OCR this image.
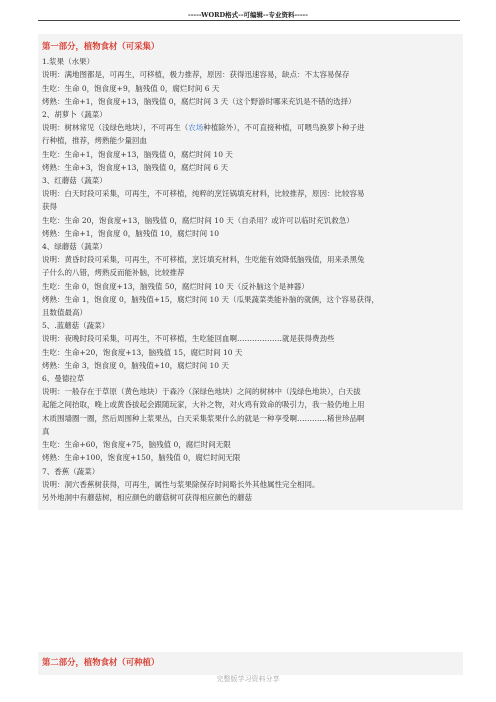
-----WORD格式--可编辑--专业资料-----

第一部分，植物食材（可采集）

1.浆果（水果）

说明：满地图都是，可再生，可移植，极力推荐，原因：获得迅速容易，缺点：不太容易保存

生吃：生命 0，饱食度+9，脑残值 0，腐烂时间 6 天

烤熟：生命+1，饱食度+13，脑残值 0，腐烂时间 3 天（这个野游时哪来充饥是不错的选择）

2、胡萝卜（蔬菜）

说明：树林常见（浅绿色地块），不可再生（农场种植除外），不可直接种植，可喂鸟换萝卜种子进

行种植，推荐，烤熟能少量回血

生吃：生命+1，饱食度+13，脑残值 0，腐烂时间 10 天

烤熟：生命+3，饱食度+13，脑残值 0，腐烂时间 6 天

3、红蘑菇（蔬菜）

说明：白天时段可采集，可再生，不可移植，纯粹的烹饪锅填充材料，比较推荐，原因：比较容易

获得

生吃：生命 20，饱食度+13，脑残值 0，腐烂时间 10 天（自杀用？或许可以临时充饥救急）

烤熟：生命+1，饱食度 0，脑残值 10，腐烂时间 10

4、绿蘑菇（蔬菜）

说明：黄昏时段可采集，可再生，不可移植，烹饪填充材料，生吃能有效降低脑残值，用来杀黑兔

子什么的八错，烤熟反而能补脑，比较推荐

生吃：生命 0，饱食度+13，脑残值 50，腐烂时间 10 天（反补脑这个是神器）

烤熟：生命 1，饱食度 0，脑残值+15，腐烂时间 10 天（瓜果蔬菜类能补脑的就俩，这个容易获得，

且数值最高）

5、.蓝蘑菇（蔬菜）

说明：夜晚时段可采集，可再生，不可移植，生吃能回血啊………………就是获得费劲些

生吃：生命+20，饱食度+13，脑残值 15，腐烂时间 10 天

烤熟：生命 3，饱食度 0，脑残值+10，腐烂时间 10 天

6、曼德拉草

说明：一般存在于草原（黄色地块）于森冷（深绿色地块）之间的树林中（浅绿色地块），白天拔

起能之间抬取，晚上或黄昏拔起会跟随玩家，大补之物，对火鸡有致命的吸引力，我一般仍地上用

木质围墙圈一圈，然后周围种上浆果丛，白天采集浆果什么的就是一种享受啊…………稀世珍品啊

真

生吃：生命+60，饱食度+75，脑残值 0，腐烂时间无限

烤熟：生命+100，饱食度+150，脑残值 0，腐烂时间无限

7、香蕉（蔬菜）

说明：洞穴香蕉树获得，可再生，属性与浆果除保存时间略长外其他属性完全相同。

另外地洞中有蘑菇树，相应颜色的蘑菇树可获得相应颜色的蘑菇

第二部分，植物食材（可种植）

完整版学习资料分享
